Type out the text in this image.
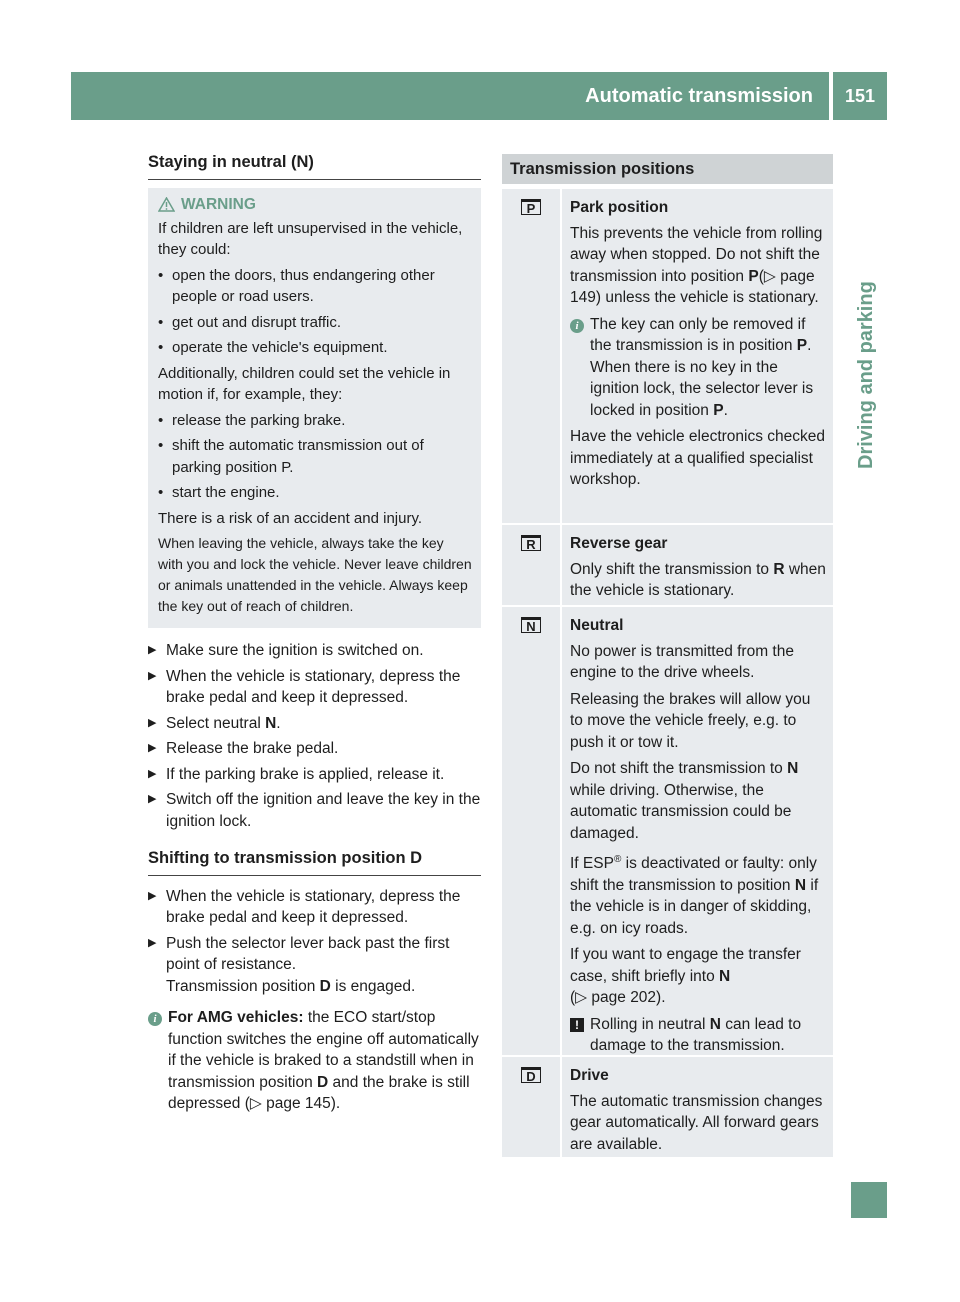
Automatic transmission	151
Driving and parking
Staying in neutral (N)
WARNING
If children are left unsupervised in the vehicle, they could:
• open the doors, thus endangering other people or road users.
• get out and disrupt traffic.
• operate the vehicle's equipment.
Additionally, children could set the vehicle in motion if, for example, they:
• release the parking brake.
• shift the automatic transmission out of parking position P.
• start the engine.
There is a risk of an accident and injury.
When leaving the vehicle, always take the key with you and lock the vehicle. Never leave children or animals unattended in the vehicle. Always keep the key out of reach of children.
▶ Make sure the ignition is switched on.
▶ When the vehicle is stationary, depress the brake pedal and keep it depressed.
▶ Select neutral N.
▶ Release the brake pedal.
▶ If the parking brake is applied, release it.
▶ Switch off the ignition and leave the key in the ignition lock.
Shifting to transmission position D
▶ When the vehicle is stationary, depress the brake pedal and keep it depressed.
▶ Push the selector lever back past the first point of resistance.
Transmission position D is engaged.
i For AMG vehicles: the ECO start/stop function switches the engine off automatically if the vehicle is braked to a standstill when in transmission position D and the brake is still depressed (▷ page 145).
Transmission positions
P	Park position
This prevents the vehicle from rolling away when stopped. Do not shift the transmission into position P(▷ page 149) unless the vehicle is stationary.
i The key can only be removed if the transmission is in position P. When there is no key in the ignition lock, the selector lever is locked in position P.
Have the vehicle electronics checked immediately at a qualified specialist workshop.
R	Reverse gear
Only shift the transmission to R when the vehicle is stationary.
N	Neutral
No power is transmitted from the engine to the drive wheels.
Releasing the brakes will allow you to move the vehicle freely, e.g. to push it or tow it.
Do not shift the transmission to N while driving. Otherwise, the automatic transmission could be damaged.
If ESP® is deactivated or faulty: only shift the transmission to position N if the vehicle is in danger of skidding, e.g. on icy roads.
If you want to engage the transfer case, shift briefly into N
(▷ page 202).
! Rolling in neutral N can lead to damage to the transmission.
D	Drive
The automatic transmission changes gear automatically. All forward gears are available.
